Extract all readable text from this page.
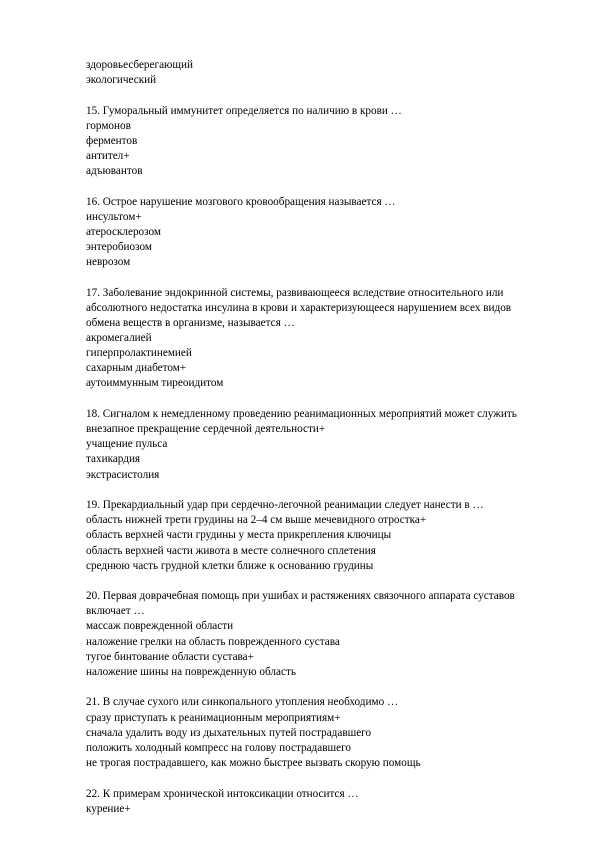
здоровьесберегающий

экологический

15. Гуморальный иммунитет определяется по наличию в крови …

гормонов

ферментов

антител+

адъювантов

16. Острое нарушение мозгового кровообращения называется …

инсультом+

атеросклерозом

энтеробиозом

неврозом

17. Заболевание эндокринной системы, развивающееся вследствие относительного или

абсолютного недостатка инсулина в крови и характеризующееся нарушением всех видов

обмена веществ в организме, называется …

акромегалией

гиперпролактинемией

сахарным диабетом+

аутоиммунным тиреоидитом

18. Сигналом к немедленному проведению реанимационных мероприятий может служить

внезапное прекращение сердечной деятельности+

учащение пульса

тахикардия

экстрасистолия

19. Прекардиальный удар при сердечно-легочной реанимации следует нанести в …

область нижней трети грудины на 2–4 см выше мечевидного отростка+

область верхней части грудины у места прикрепления ключицы

область верхней части живота в месте солнечного сплетения

среднюю часть грудной клетки ближе к основанию грудины

20. Первая доврачебная помощь при ушибах и растяжениях связочного аппарата суставов

включает …

массаж поврежденной области

наложение грелки на область поврежденного сустава

тугое бинтование области сустава+

наложение шины на поврежденную область

21. В случае сухого или синкопального утопления необходимо …

сразу приступать к реанимационным мероприятиям+

сначала удалить воду из дыхательных путей пострадавшего

положить холодный компресс на голову пострадавшего

не трогая пострадавшего, как можно быстрее вызвать скорую помощь

22. К примерам хронической интоксикации относится …

курение+
